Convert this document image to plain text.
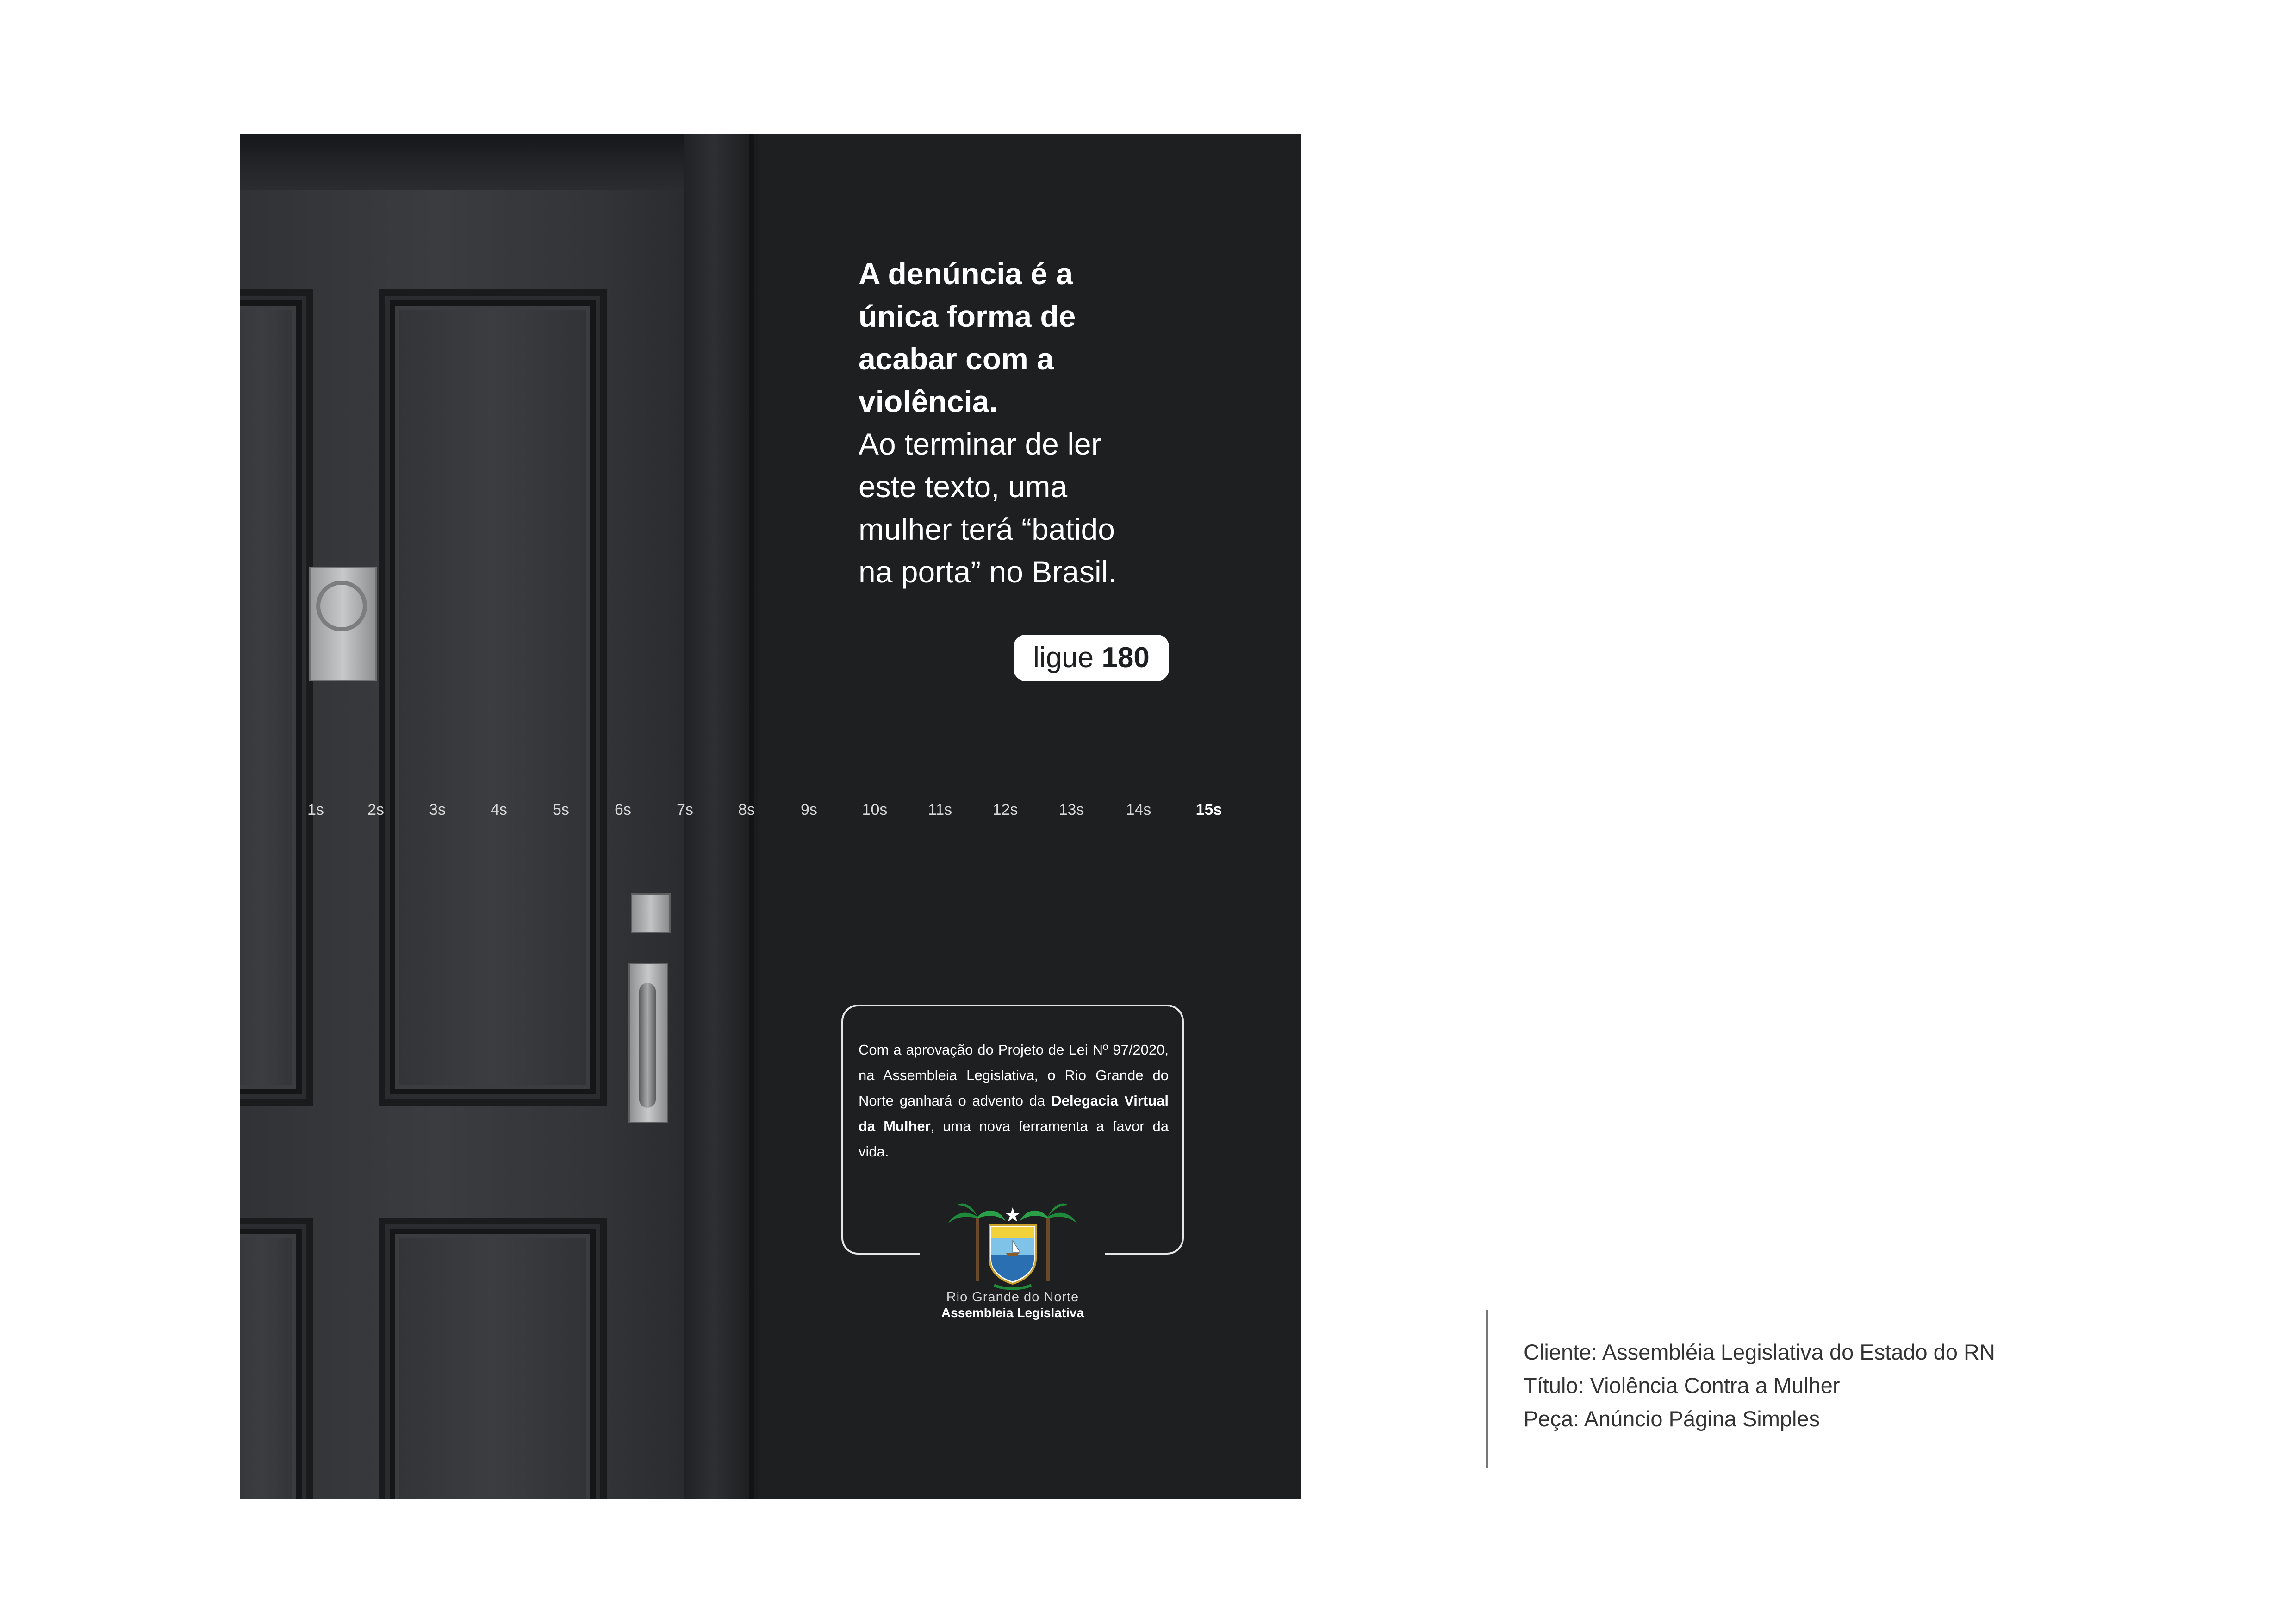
A denúncia é a
única forma de
acabar com a
violência.
Ao terminar de ler
este texto, uma
mulher terá “batido
na porta” no Brasil.
ligue 180
1s	2s	3s	4s	5s	6s	7s	8s	9s	10s	11s	12s	13s	14s	15s
Com a aprovação do Projeto de Lei Nº 97/2020, na Assembleia Legislativa, o Rio Grande do Norte ganhará o advento da Delegacia Virtual da Mulher, uma nova ferramenta a favor da vida.
Rio Grande do Norte
Assembleia Legislativa
Cliente: Assembléia Legislativa do Estado do RN
Título: Violência Contra a Mulher
Peça: Anúncio Página Simples
